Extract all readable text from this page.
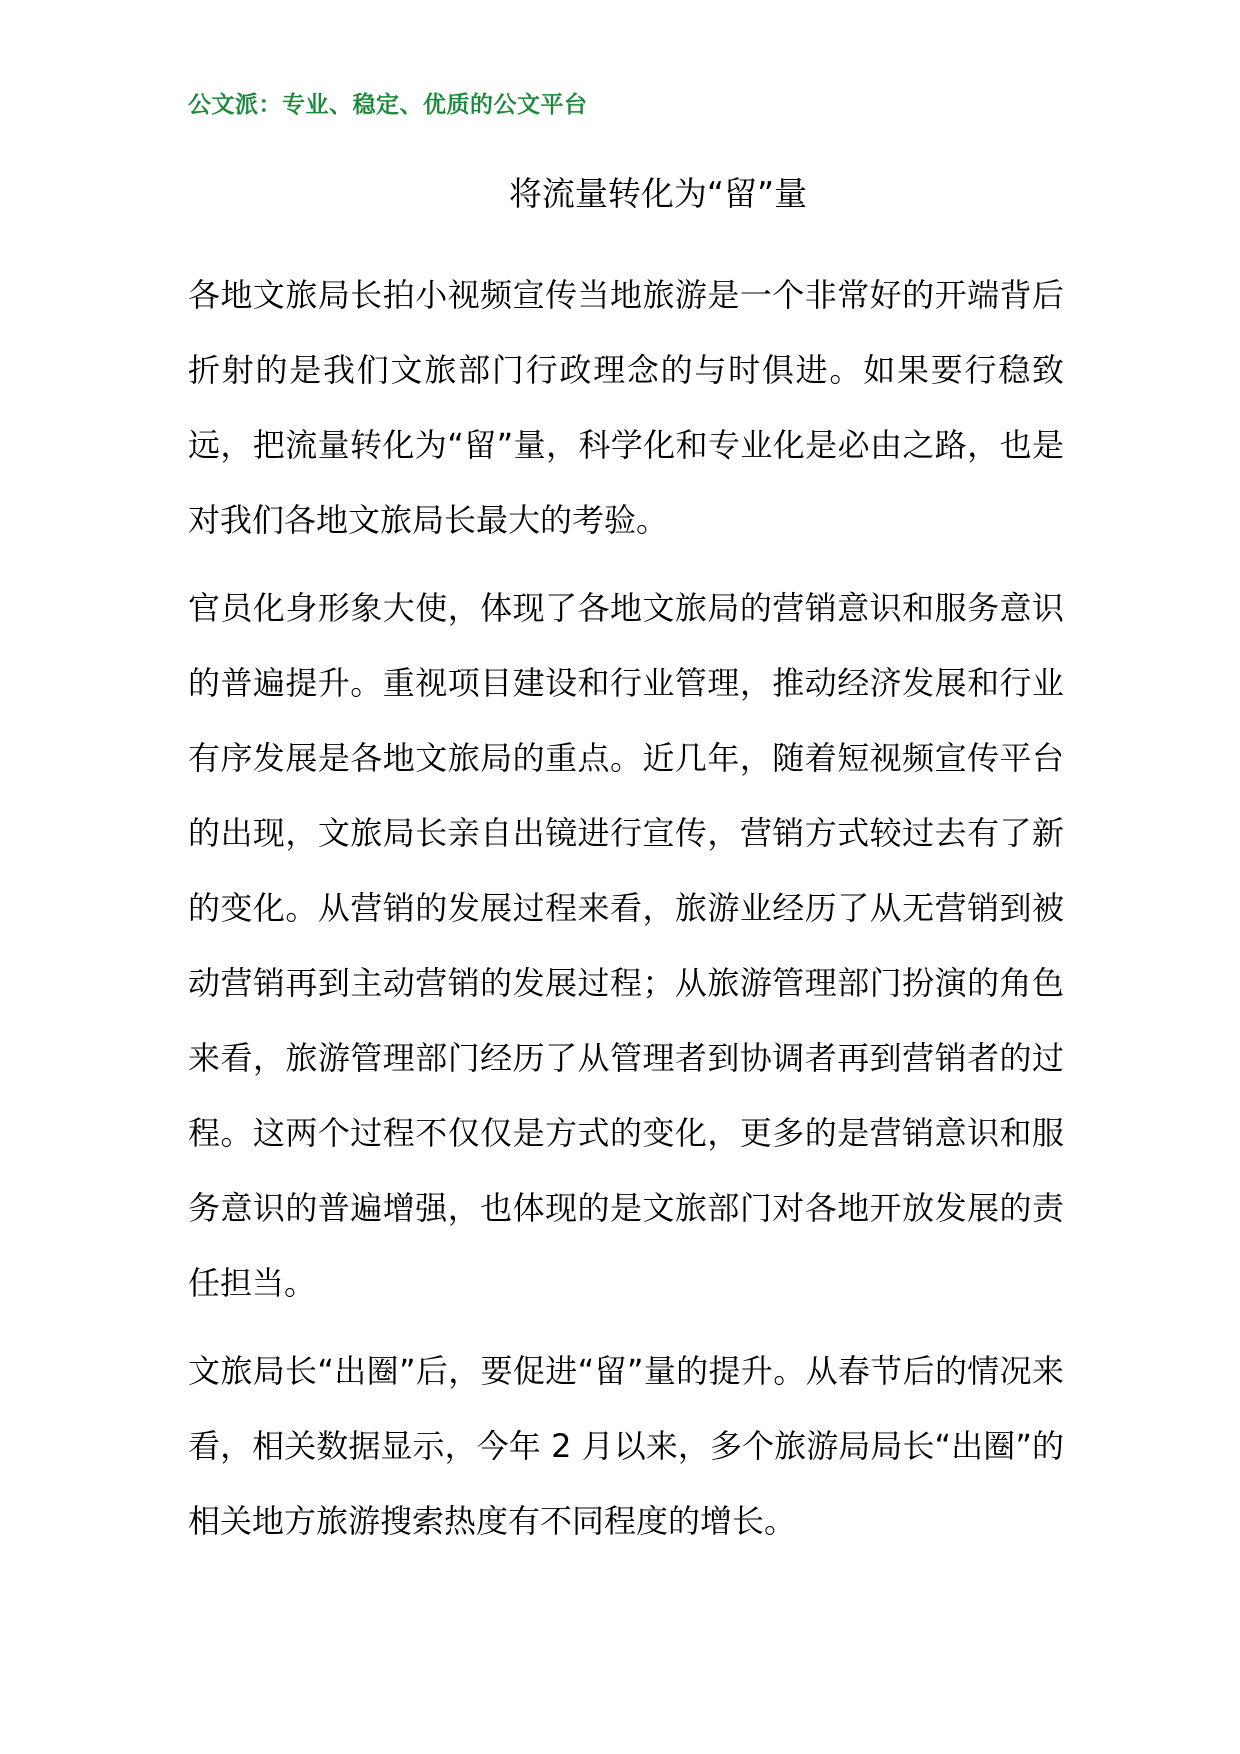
公文派：专业、稳定、优质的公文平台
将流量转化为“留”量

各地文旅局长拍小视频宣传当地旅游是一个非常好的开端背后折射的是我们文旅部门行政理念的与时俱进。如果要行稳致远，把流量转化为“留”量，科学化和专业化是必由之路，也是对我们各地文旅局长最大的考验。

官员化身形象大使，体现了各地文旅局的营销意识和服务意识的普遍提升。重视项目建设和行业管理，推动经济发展和行业有序发展是各地文旅局的重点。近几年，随着短视频宣传平台的出现，文旅局长亲自出镜进行宣传，营销方式较过去有了新的变化。从营销的发展过程来看，旅游业经历了从无营销到被动营销再到主动营销的发展过程；从旅游管理部门扮演的角色来看，旅游管理部门经历了从管理者到协调者再到营销者的过程。这两个过程不仅仅是方式的变化，更多的是营销意识和服务意识的普遍增强，也体现的是文旅部门对各地开放发展的责任担当。

文旅局长“出圈”后，要促进“留”量的提升。从春节后的情况来看，相关数据显示，今年 2 月以来，多个旅游局局长“出圈”的相关地方旅游搜索热度有不同程度的增长。
